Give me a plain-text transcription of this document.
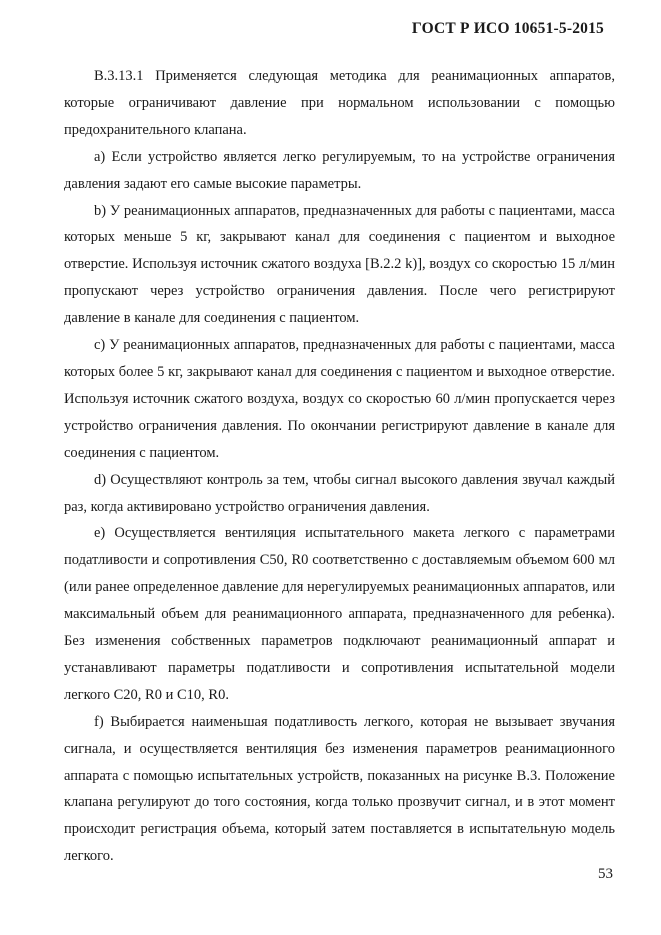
ГОСТ Р ИСО 10651-5-2015

В.3.13.1 Применяется следующая методика для реанимационных аппаратов, которые ограничивают давление при нормальном использовании с помощью предохранительного клапана.

a) Если устройство является легко регулируемым, то на устройстве ограничения давления задают его самые высокие параметры.

b) У реанимационных аппаратов, предназначенных для работы с пациентами, масса которых меньше 5 кг, закрывают канал для соединения с пациентом и выходное отверстие. Используя источник сжатого воздуха [В.2.2 k)], воздух со скоростью 15 л/мин пропускают через устройство ограничения давления. После чего регистрируют давление в канале для соединения с пациентом.

c) У реанимационных аппаратов, предназначенных для работы с пациентами, масса которых более 5 кг, закрывают канал для соединения с пациентом и выходное отверстие. Используя источник сжатого воздуха, воздух со скоростью 60 л/мин пропускается через устройство ограничения давления. По окончании регистрируют давление в канале для соединения с пациентом.

d) Осуществляют контроль за тем, чтобы сигнал высокого давления звучал каждый раз, когда активировано устройство ограничения давления.

e) Осуществляется вентиляция испытательного макета легкого с параметрами податливости и сопротивления С50, R0 соответственно с доставляемым объемом 600 мл (или ранее определенное давление для нерегулируемых реанимационных аппаратов, или максимальный объем для реанимационного аппарата, предназначенного для ребенка). Без изменения собственных параметров подключают реанимационный аппарат и устанавливают параметры податливости и сопротивления испытательной модели легкого С20, R0 и С10, R0.

f) Выбирается наименьшая податливость легкого, которая не вызывает звучания сигнала, и осуществляется вентиляция без изменения параметров реанимационного аппарата с помощью испытательных устройств, показанных на рисунке В.3. Положение клапана регулируют до того состояния, когда только прозвучит сигнал, и в этот момент происходит регистрация объема, который затем поставляется в испытательную модель легкого.

53
